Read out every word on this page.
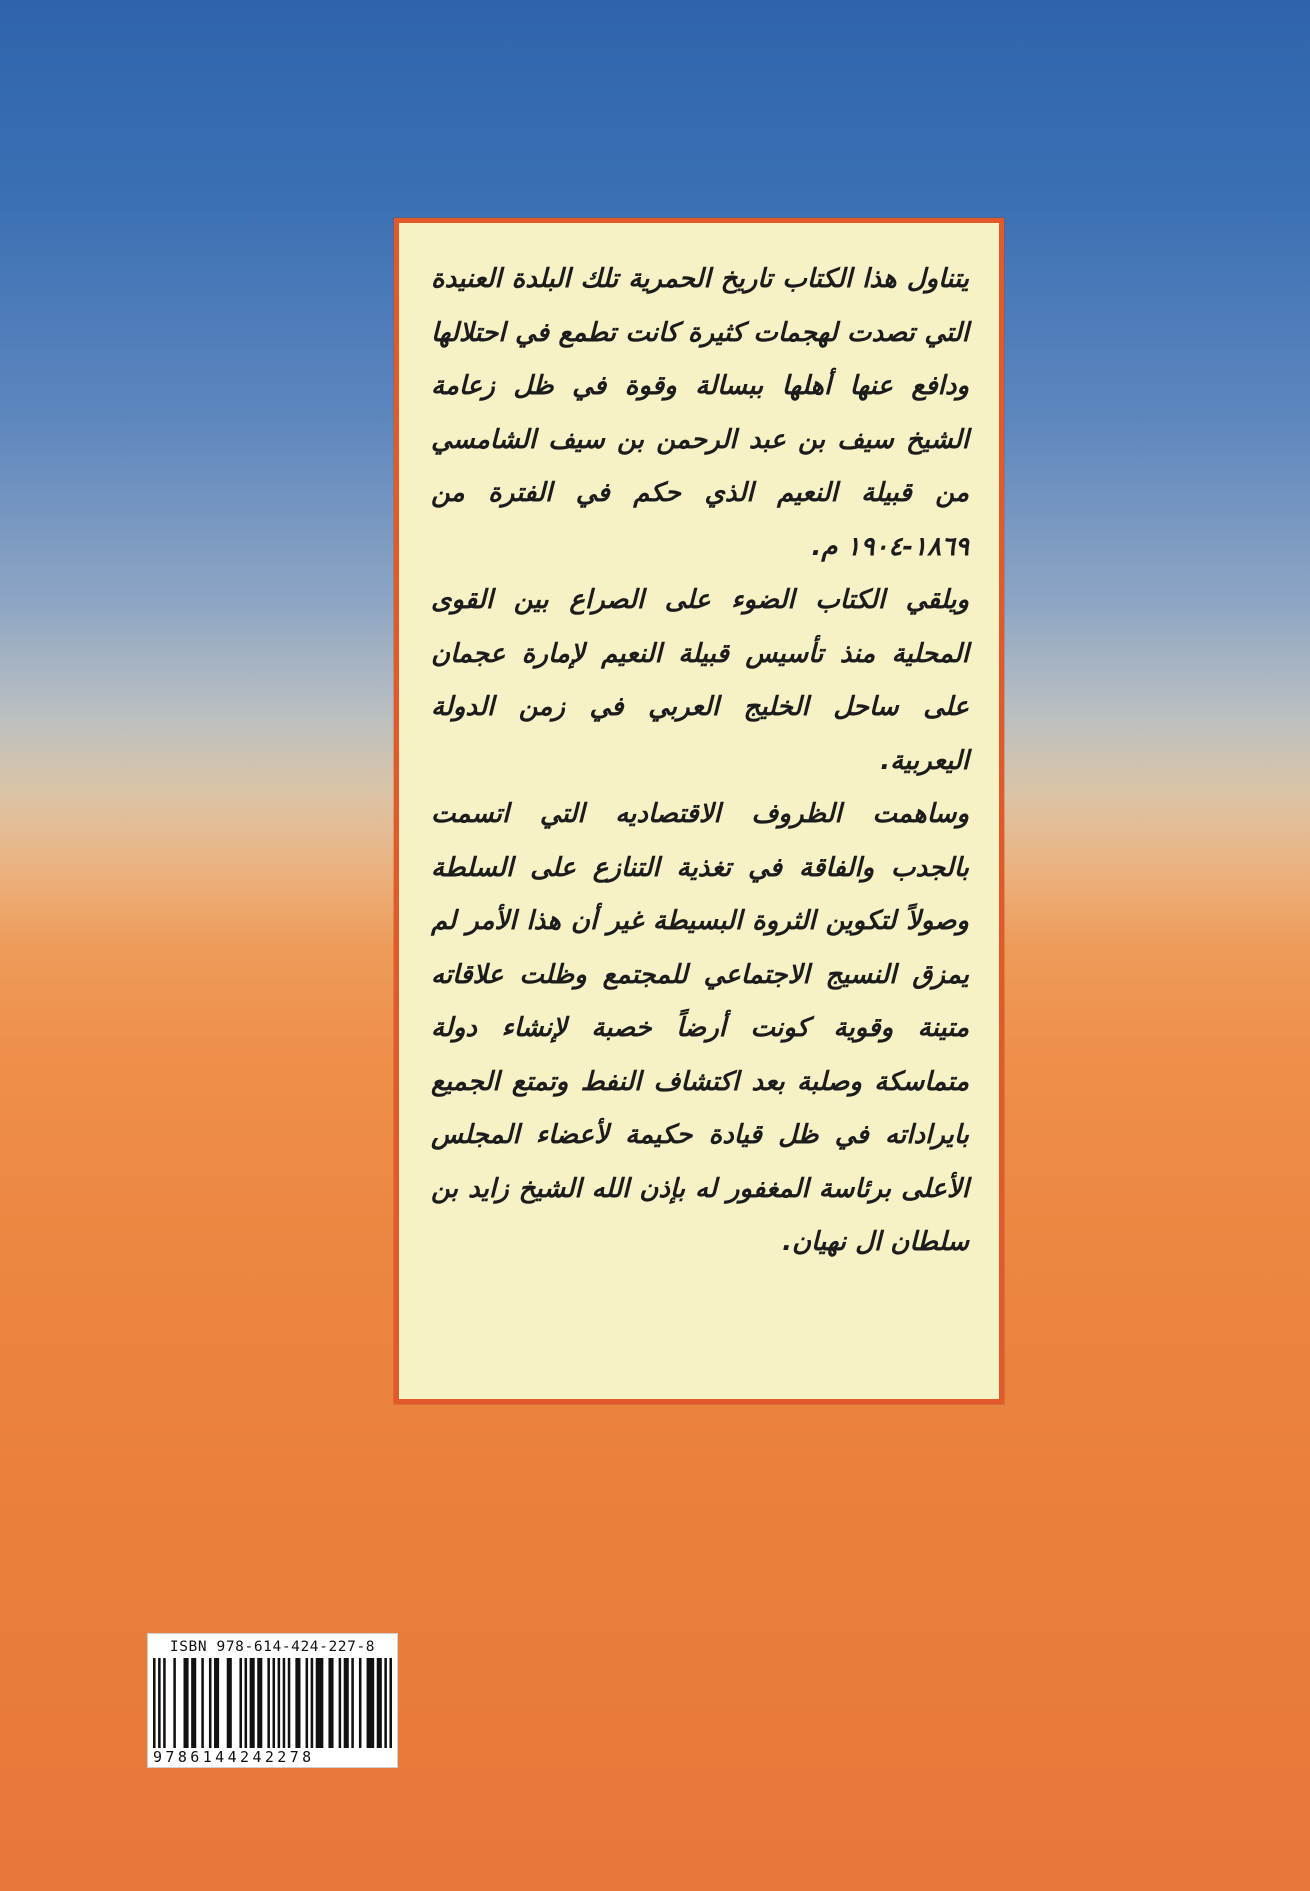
يتناول هذا الكتاب تاريخ الحمرية تلك البلدة العنيدة التي تصدت لهجمات كثيرة كانت تطمع في احتلالها ودافع عنها أهلها ببسالة وقوة في ظل زعامة الشيخ سيف بن عبد الرحمن بن سيف الشامسي من قبيلة النعيم الذي حكم في الفترة من ١٨٦٩-١٩٠٤ م.

ويلقي الكتاب الضوء على الصراع بين القوى المحلية منذ تأسيس قبيلة النعيم لإمارة عجمان على ساحل الخليج العربي في زمن الدولة اليعربية.

وساهمت الظروف الاقتصاديه التي اتسمت بالجدب والفاقة في تغذية التنازع على السلطة وصولاً لتكوين الثروة البسيطة غير أن هذا الأمر لم يمزق النسيج الاجتماعي للمجتمع وظلت علاقاته متينة وقوية كونت أرضاً خصبة لإنشاء دولة متماسكة وصلبة بعد اكتشاف النفط وتمتع الجميع بايراداته في ظل قيادة حكيمة لأعضاء المجلس الأعلى برئاسة المغفور له بإذن الله الشيخ زايد بن سلطان ال نهيان.

ISBN 978-614-424-227-8
9786144242278
